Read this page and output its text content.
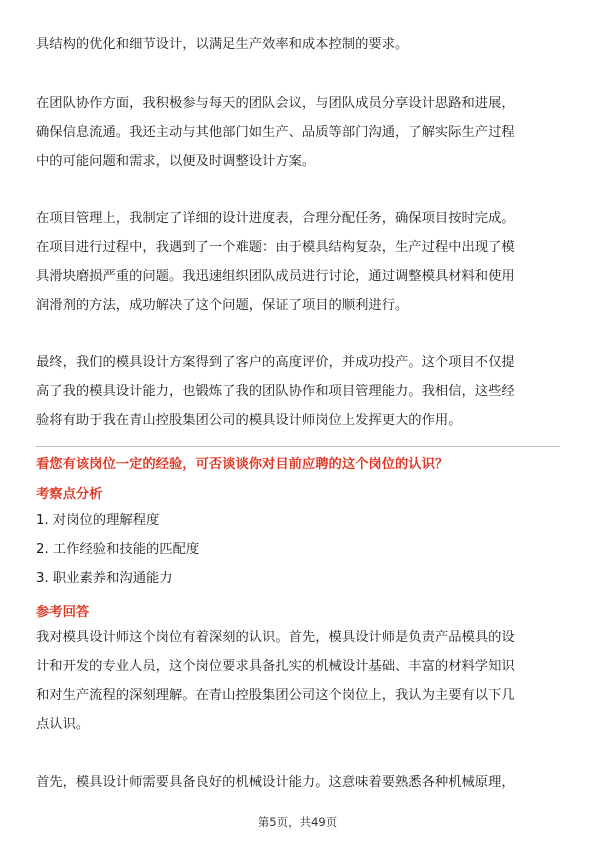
具结构的优化和细节设计，以满足生产效率和成本控制的要求。

在团队协作方面，我积极参与每天的团队会议，与团队成员分享设计思路和进展，
确保信息流通。我还主动与其他部门如生产、品质等部门沟通，了解实际生产过程
中的可能问题和需求，以便及时调整设计方案。

在项目管理上，我制定了详细的设计进度表，合理分配任务，确保项目按时完成。
在项目进行过程中，我遇到了一个难题：由于模具结构复杂，生产过程中出现了模
具滑块磨损严重的问题。我迅速组织团队成员进行讨论，通过调整模具材料和使用
润滑剂的方法，成功解决了这个问题，保证了项目的顺利进行。

最终，我们的模具设计方案得到了客户的高度评价，并成功投产。这个项目不仅提
高了我的模具设计能力，也锻炼了我的团队协作和项目管理能力。我相信，这些经
验将有助于我在青山控股集团公司的模具设计师岗位上发挥更大的作用。

看您有该岗位一定的经验，可否谈谈你对目前应聘的这个岗位的认识？
考察点分析
1. 对岗位的理解程度
2. 工作经验和技能的匹配度
3. 职业素养和沟通能力
参考回答

我对模具设计师这个岗位有着深刻的认识。首先，模具设计师是负责产品模具的设
计和开发的专业人员，这个岗位要求具备扎实的机械设计基础、丰富的材料学知识
和对生产流程的深刻理解。在青山控股集团公司这个岗位上，我认为主要有以下几
点认识。

首先，模具设计师需要具备良好的机械设计能力。这意味着要熟悉各种机械原理，

第5页，共49页
